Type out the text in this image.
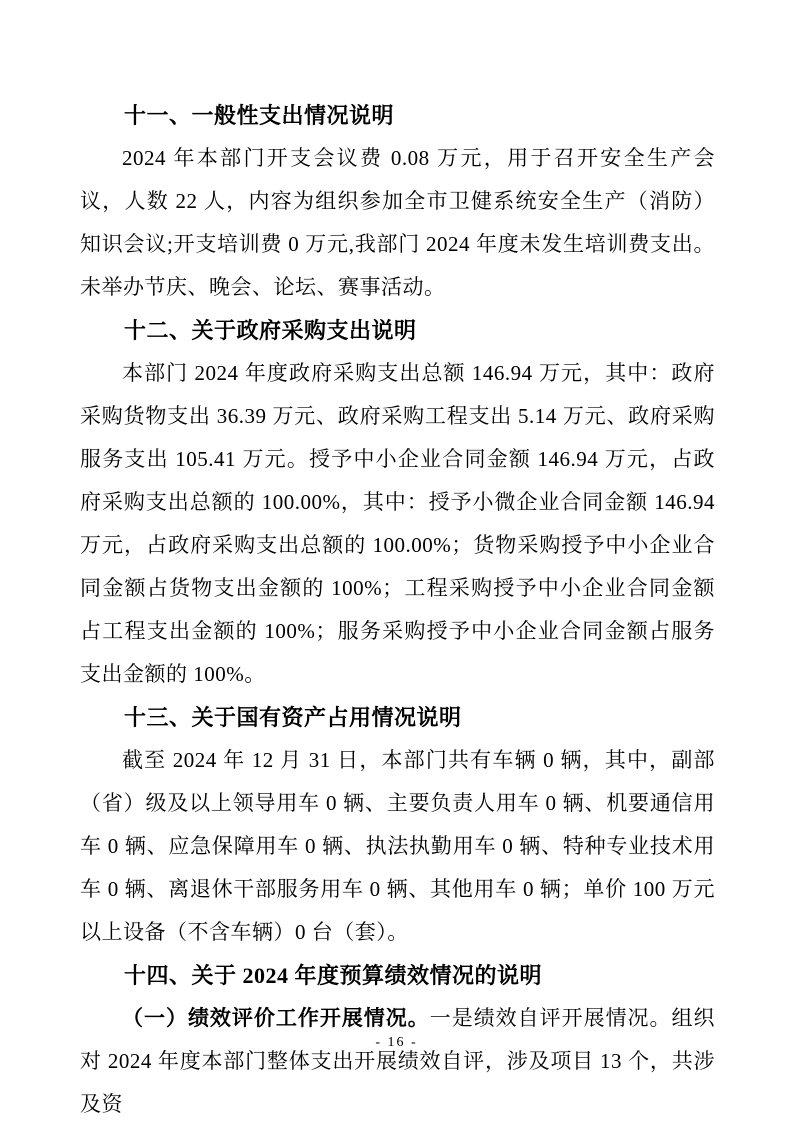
十一、一般性支出情况说明

2024 年本部门开支会议费 0.08 万元，用于召开安全生产会议，人数 22 人，内容为组织参加全市卫健系统安全生产（消防）知识会议;开支培训费 0 万元,我部门 2024 年度未发生培训费支出。未举办节庆、晚会、论坛、赛事活动。

十二、关于政府采购支出说明

本部门 2024 年度政府采购支出总额 146.94 万元，其中：政府采购货物支出 36.39 万元、政府采购工程支出 5.14 万元、政府采购服务支出 105.41 万元。授予中小企业合同金额 146.94 万元，占政府采购支出总额的 100.00%，其中：授予小微企业合同金额 146.94 万元，占政府采购支出总额的 100.00%；货物采购授予中小企业合同金额占货物支出金额的 100%；工程采购授予中小企业合同金额占工程支出金额的 100%；服务采购授予中小企业合同金额占服务支出金额的 100%。

十三、关于国有资产占用情况说明

截至 2024 年 12 月 31 日，本部门共有车辆 0 辆，其中，副部（省）级及以上领导用车 0 辆、主要负责人用车 0 辆、机要通信用车 0 辆、应急保障用车 0 辆、执法执勤用车 0 辆、特种专业技术用车 0 辆、离退休干部服务用车 0 辆、其他用车 0 辆；单价 100 万元以上设备（不含车辆）0 台（套）。

十四、关于 2024 年度预算绩效情况的说明

（一）绩效评价工作开展情况。一是绩效自评开展情况。组织对 2024 年度本部门整体支出开展绩效自评，涉及项目 13 个，共涉及资

- 16 -
